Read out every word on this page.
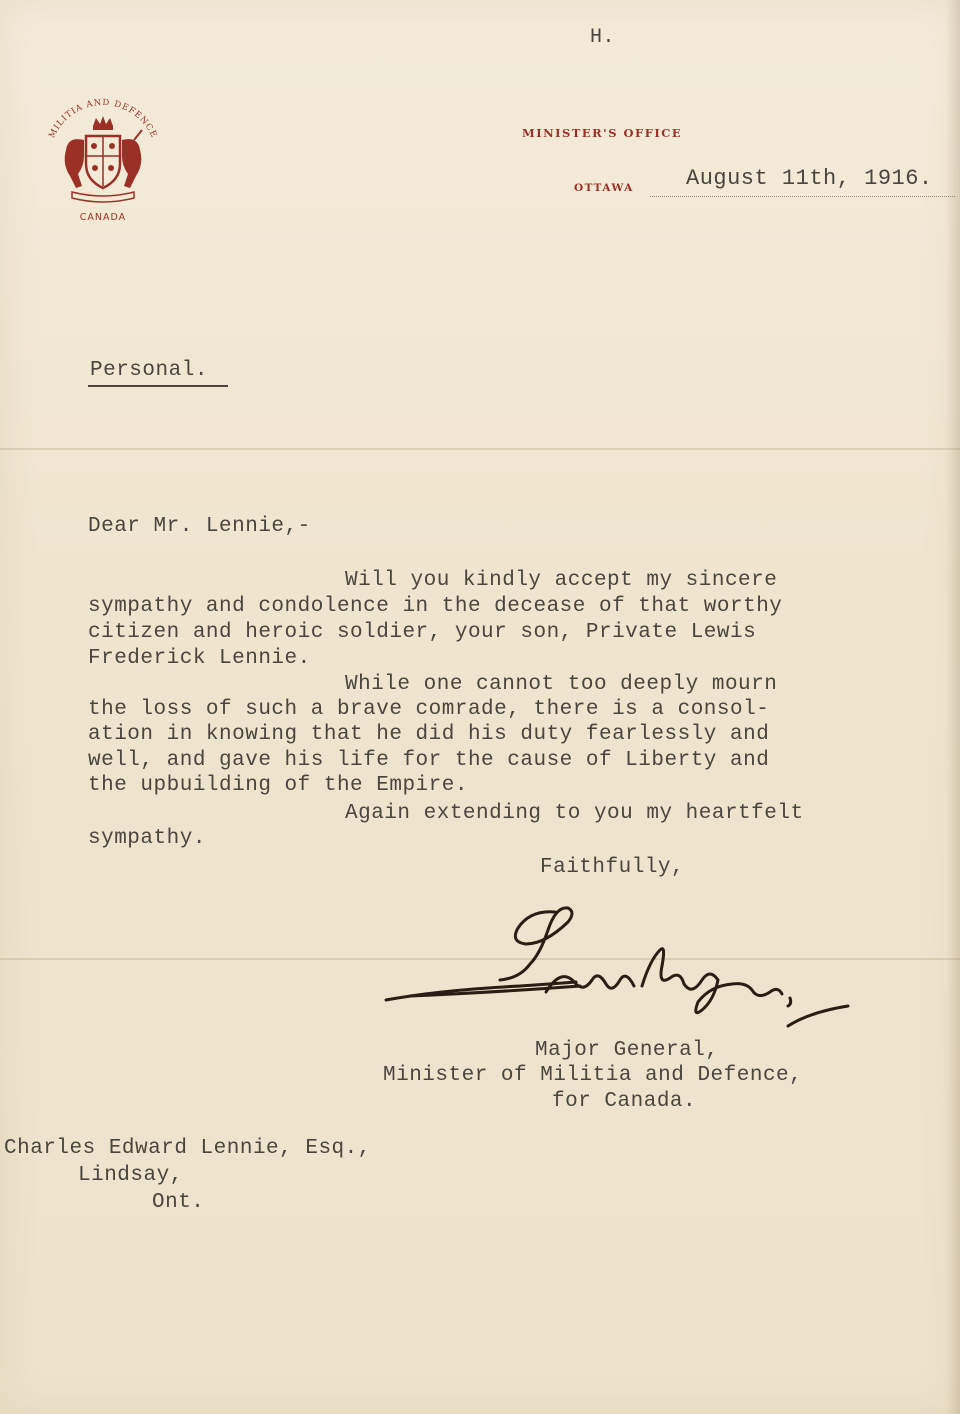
H.
MILITIA AND DEFENCE
CANADA
MINISTER'S OFFICE
OTTAWA August 11th, 1916.
Personal.
Dear Mr. Lennie,-
Will you kindly accept my sincere
sympathy and condolence in the decease of that worthy
citizen and heroic soldier, your son, Private Lewis
Frederick Lennie.
While one cannot too deeply mourn
the loss of such a brave comrade, there is a consol-
ation in knowing that he did his duty fearlessly and
well, and gave his life for the cause of Liberty and
the upbuilding of the Empire.
Again extending to you my heartfelt
sympathy.
Faithfully,
Major General,
Minister of Militia and Defence,
for Canada.
Charles Edward Lennie, Esq.,
Lindsay,
Ont.
